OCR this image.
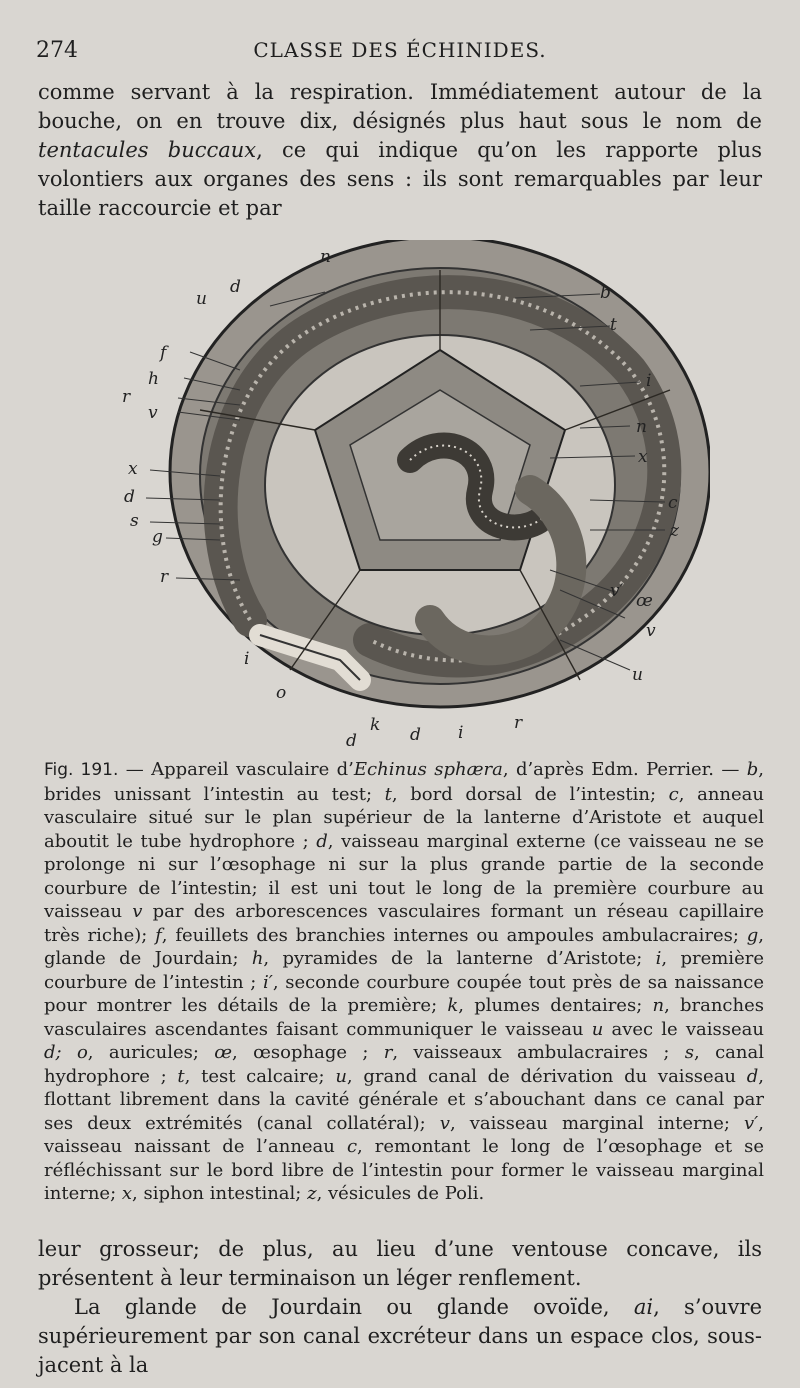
274	CLASSE DES ÉCHINIDES.

comme servant à la respiration. Immédiatement autour de la bouche, on en trouve dix, désignés plus haut sous le nom de tentacules buccaux, ce qui indique qu’on les rapporte plus volontiers aux organes des sens : ils sont remarquables par leur taille raccourcie et par

n
u
d	b
t
f
h
r
v
i
n
x
x
d	c
s	z
g
v′ œ
r
v
i
o
u
d
k d i	r
Fig. 191. — Appareil vasculaire d’Echinus sphæra, d’après Edm. Perrier. — b, brides unissant l’intestin au test; t, bord dorsal de l’intestin; c, anneau vasculaire situé sur le plan supérieur de la lanterne d’Aristote et auquel aboutit le tube hydrophore ; d, vaisseau marginal externe (ce vaisseau ne se prolonge ni sur l’œsophage ni sur la plus grande partie de la seconde courbure de l’intestin; il est uni tout le long de la première courbure au vaisseau v par des arborescences vasculaires formant un réseau capillaire très riche); f, feuillets des branchies internes ou ampoules ambulacraires; g, glande de Jourdain; h, pyramides de la lanterne d’Aristote; i, première courbure de l’intestin ; i′, seconde courbure coupée tout près de sa naissance pour montrer les détails de la première; k, plumes dentaires; n, branches vasculaires ascendantes faisant communiquer le vaisseau u avec le vaisseau d; o, auricules; œ, œsophage ; r, vaisseaux ambulacraires ; s, canal hydrophore ; t, test calcaire; u, grand canal de dérivation du vaisseau d, flottant librement dans la cavité générale et s’abouchant dans ce canal par ses deux extrémités (canal collatéral); v, vaisseau marginal interne; v′, vaisseau naissant de l’anneau c, remontant le long de l’œsophage et se réfléchissant sur le bord libre de l’intestin pour former le vaisseau marginal interne; x, siphon intestinal; z, vésicules de Poli.

leur grosseur; de plus, au lieu d’une ventouse concave, ils présentent à leur terminaison un léger renflement.

La glande de Jourdain ou glande ovoïde, ai, s’ouvre supérieurement par son canal excréteur dans un espace clos, sous-jacent à la
